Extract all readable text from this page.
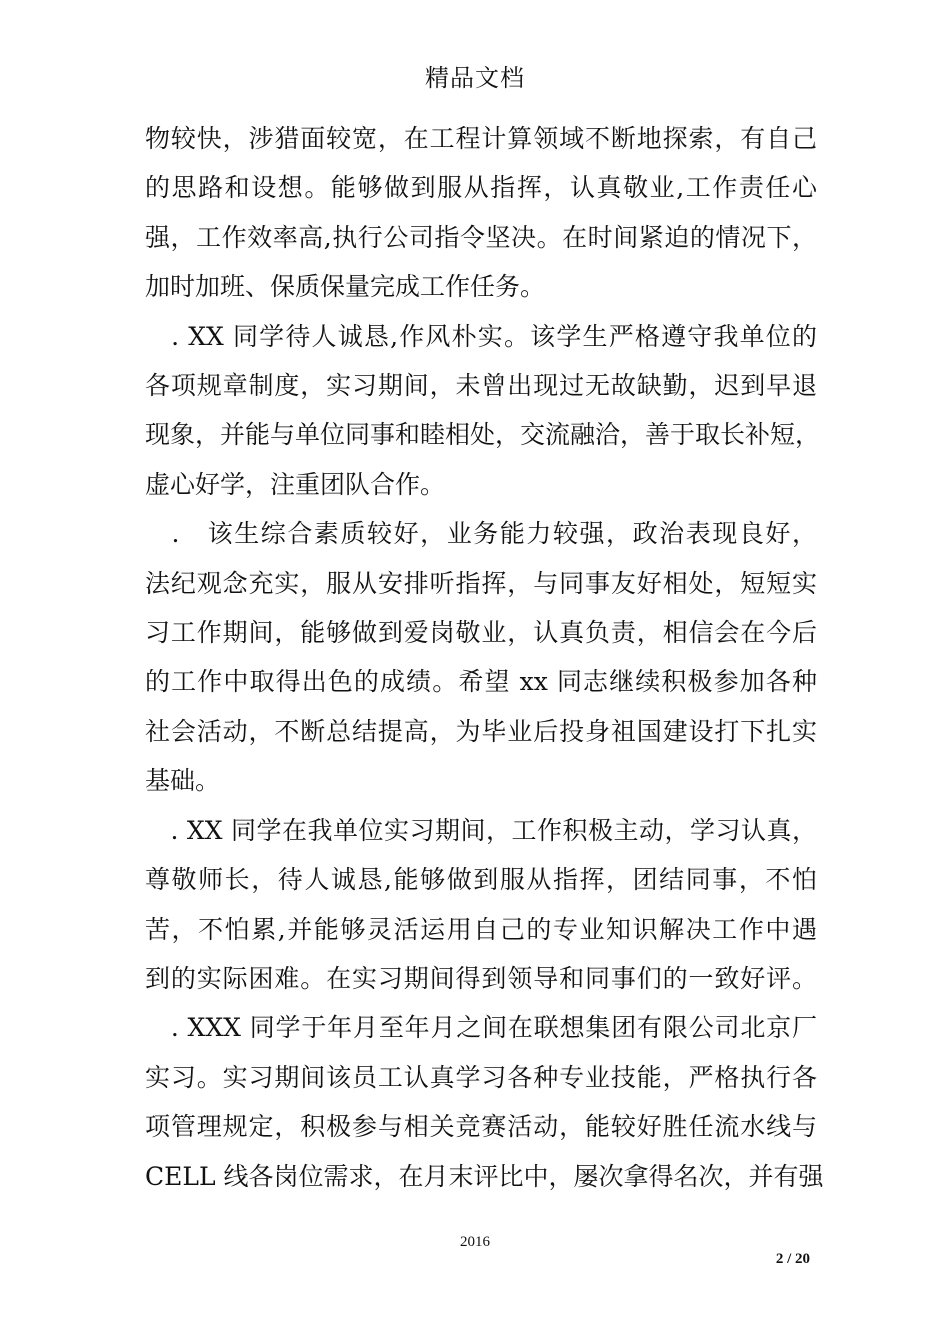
精品文档

物较快，涉猎面较宽，在工程计算领域不断地探索，有自己
的思路和设想。能够做到服从指挥，认真敬业,工作责任心
强，工作效率高,执行公司指令坚决。在时间紧迫的情况下，
加时加班、保质保量完成工作任务。

　. XX 同学待人诚恳,作风朴实。该学生严格遵守我单位的
各项规章制度，实习期间，未曾出现过无故缺勤，迟到早退
现象，并能与单位同事和睦相处，交流融洽，善于取长补短，
虚心好学，注重团队合作。

　.　该生综合素质较好，业务能力较强，政治表现良好，
法纪观念充实，服从安排听指挥，与同事友好相处，短短实
习工作期间，能够做到爱岗敬业，认真负责，相信会在今后
的工作中取得出色的成绩。希望 xx 同志继续积极参加各种
社会活动，不断总结提高，为毕业后投身祖国建设打下扎实
基础。

　. XX 同学在我单位实习期间，工作积极主动，学习认真，
尊敬师长，待人诚恳,能够做到服从指挥，团结同事，不怕
苦，不怕累,并能够灵活运用自己的专业知识解决工作中遇
到的实际困难。在实习期间得到领导和同事们的一致好评。

　. XXX 同学于年月至年月之间在联想集团有限公司北京厂
实习。实习期间该员工认真学习各种专业技能，严格执行各
项管理规定，积极参与相关竞赛活动，能较好胜任流水线与
CELL 线各岗位需求，在月末评比中，屡次拿得名次，并有强

2016
2 / 20
